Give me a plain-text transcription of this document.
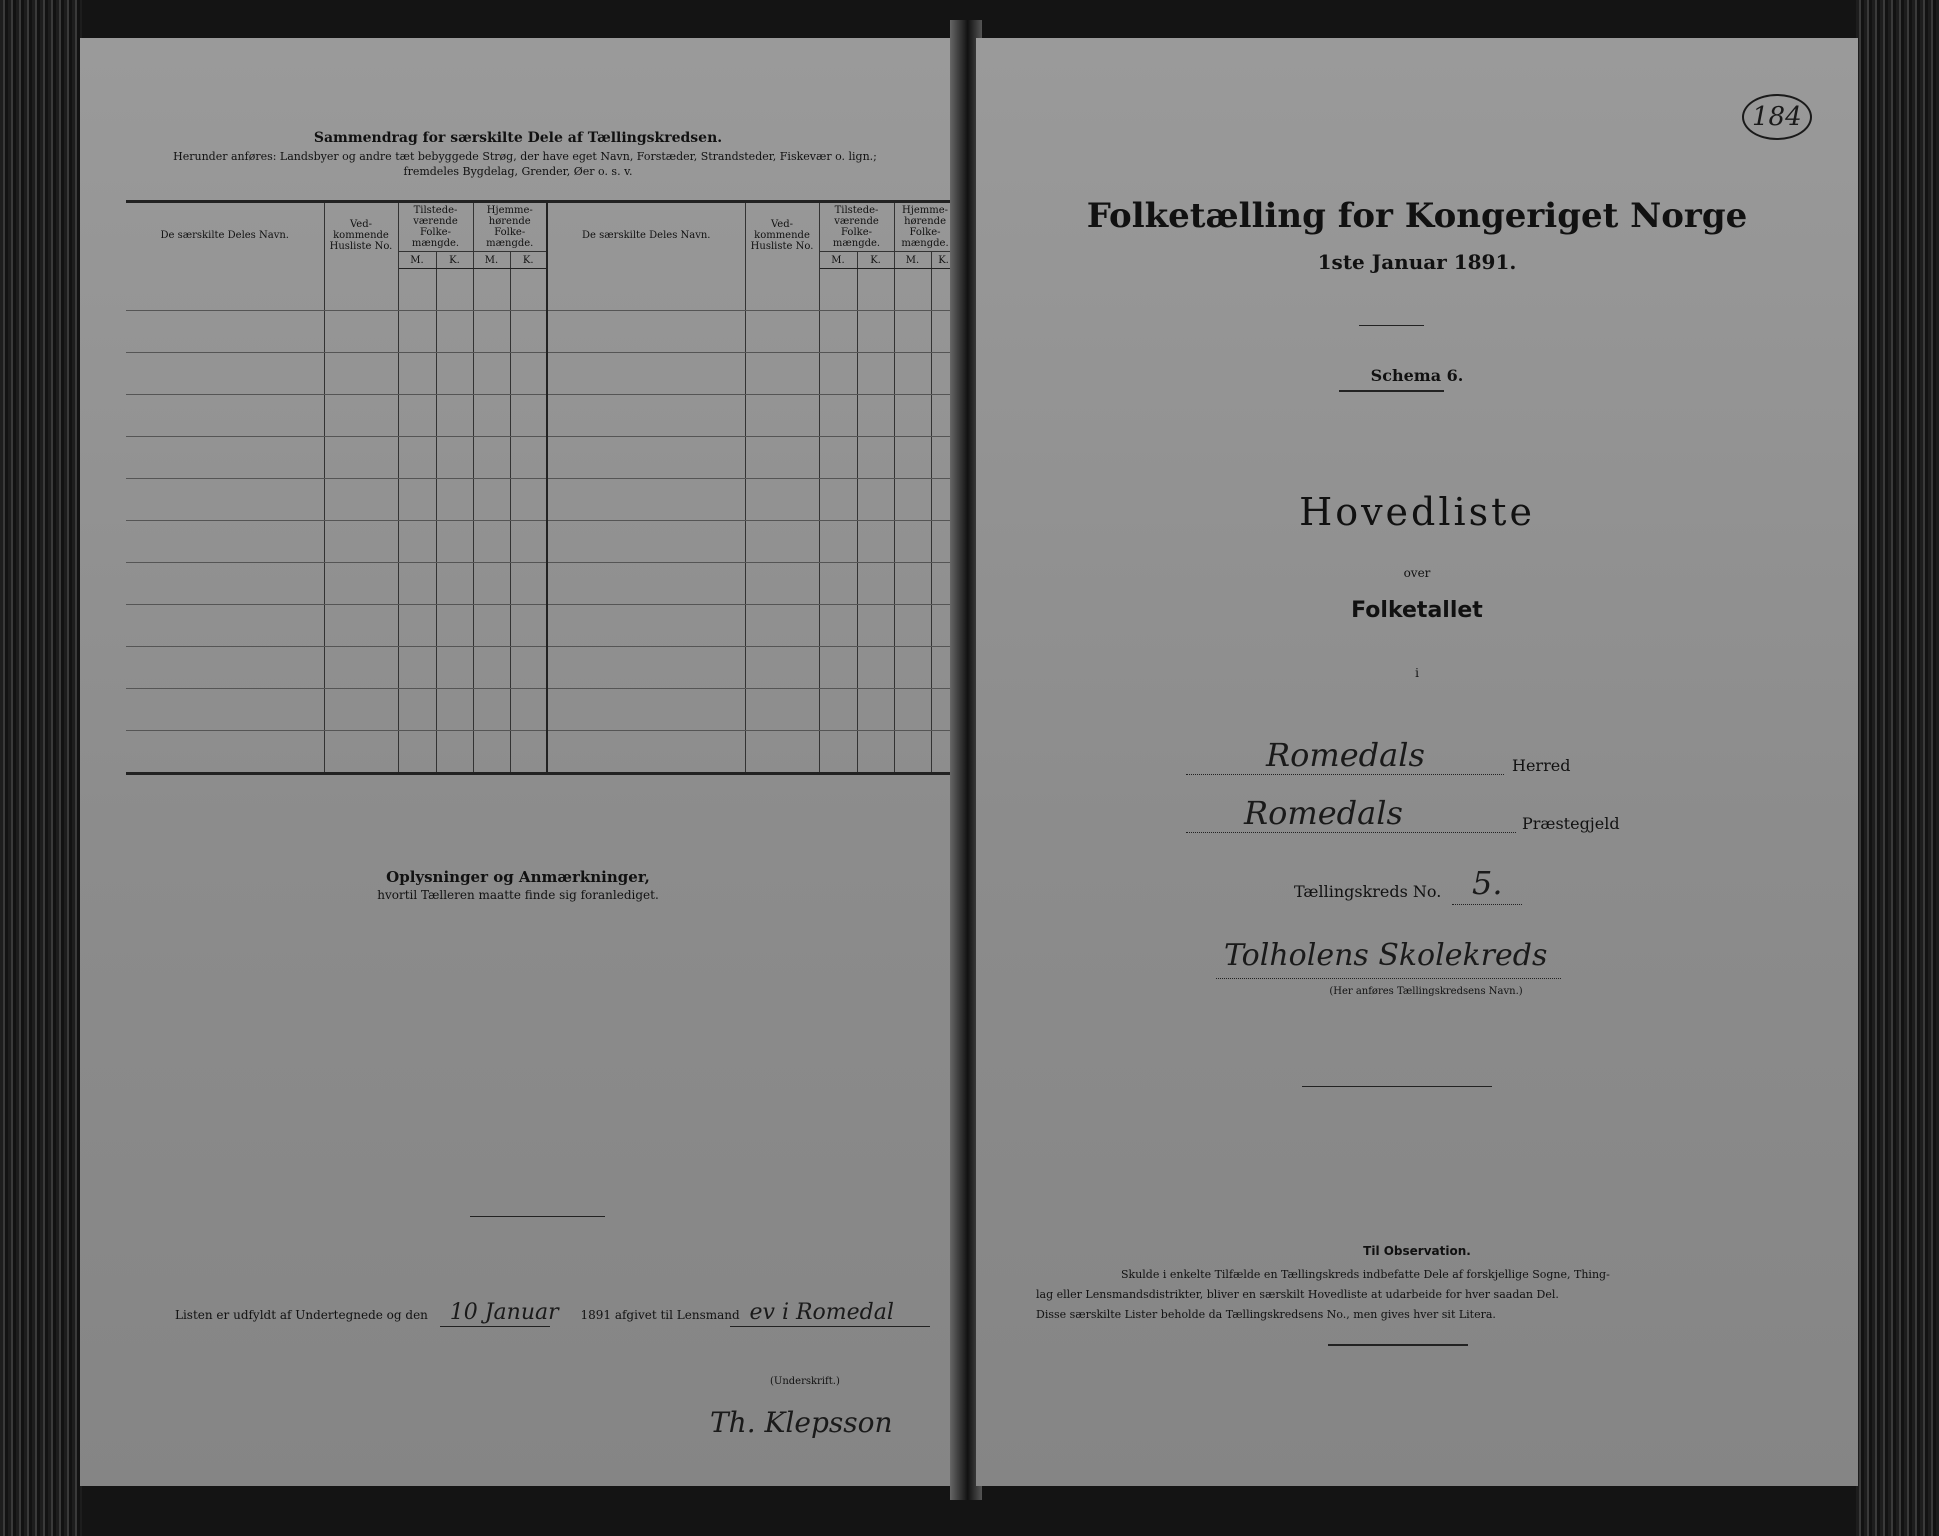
Sammendrag for særskilte Dele af Tællingskredsen.
Herunder anføres: Landsbyer og andre tæt bebyggede Strøg, der have eget Navn, Forstæder, Strandsteder, Fiskevær o. lign.;
fremdeles Bygdelag, Grender, Øer o. s. v.
De særskilte Deles Navn.	Ved-kommende Husliste No.	Tilstede-værende Folke-mængde.		Hjemme-hørende Folke-mængde.		De særskilte Deles Navn.	Ved-kommende Husliste No.	Tilstede-værende Folke-mængde.		Hjemme-hørende Folke-mængde.	
		M.	K.	M.	K.			M.	K.	M.	K.

Oplysninger og Anmærkninger,
hvortil Tælleren maatte finde sig foranlediget.
Listen er udfyldt af Undertegnede og den 10 Januar 1891 afgivet til Lensmand ev i Romedal
(Underskrift.)
Th. Klepsson
184
Folketælling for Kongeriget Norge
1ste Januar 1891.
Schema 6.
Hovedliste
over
Folketallet
i
Romedals	Herred
Romedals	Præstegjeld
Tællingskreds No. 5.
Tolholens Skolekreds
(Her anføres Tællingskredsens Navn.)
Til Observation.
Skulde i enkelte Tilfælde en Tællingskreds indbefatte Dele af forskjellige Sogne, Thing-
lag eller Lensmandsdistrikter, bliver en særskilt Hovedliste at udarbeide for hver saadan Del.
Disse særskilte Lister beholde da Tællingskredsens No., men gives hver sit Litera.
